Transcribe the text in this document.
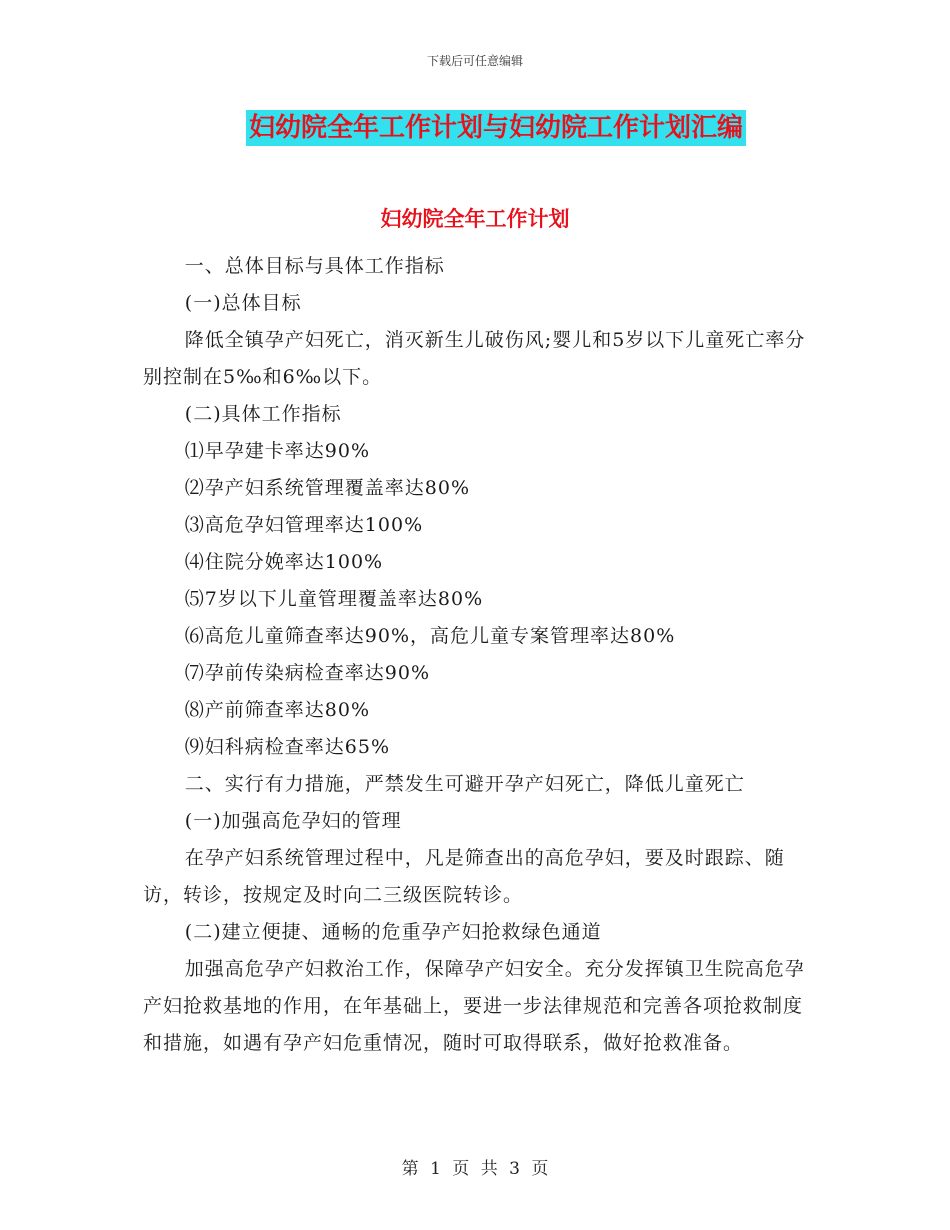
下载后可任意编辑
妇幼院全年工作计划与妇幼院工作计划汇编
妇幼院全年工作计划

一、总体目标与具体工作指标

(一)总体目标

降低全镇孕产妇死亡，消灭新生儿破伤风;婴儿和5岁以下儿童死亡率分别控制在5‰和6‰以下。

(二)具体工作指标

⑴早孕建卡率达90%

⑵孕产妇系统管理覆盖率达80%

⑶高危孕妇管理率达100%

⑷住院分娩率达100%

⑸7岁以下儿童管理覆盖率达80%

⑹高危儿童筛查率达90%，高危儿童专案管理率达80%

⑺孕前传染病检查率达90%

⑻产前筛查率达80%

⑼妇科病检查率达65%

二、实行有力措施，严禁发生可避开孕产妇死亡，降低儿童死亡

(一)加强高危孕妇的管理

在孕产妇系统管理过程中，凡是筛查出的高危孕妇，要及时跟踪、随访，转诊，按规定及时向二三级医院转诊。

(二)建立便捷、通畅的危重孕产妇抢救绿色通道

加强高危孕产妇救治工作，保障孕产妇安全。充分发挥镇卫生院高危孕产妇抢救基地的作用，在年基础上，要进一步法律规范和完善各项抢救制度和措施，如遇有孕产妇危重情况，随时可取得联系，做好抢救准备。

第 1 页 共 3 页
